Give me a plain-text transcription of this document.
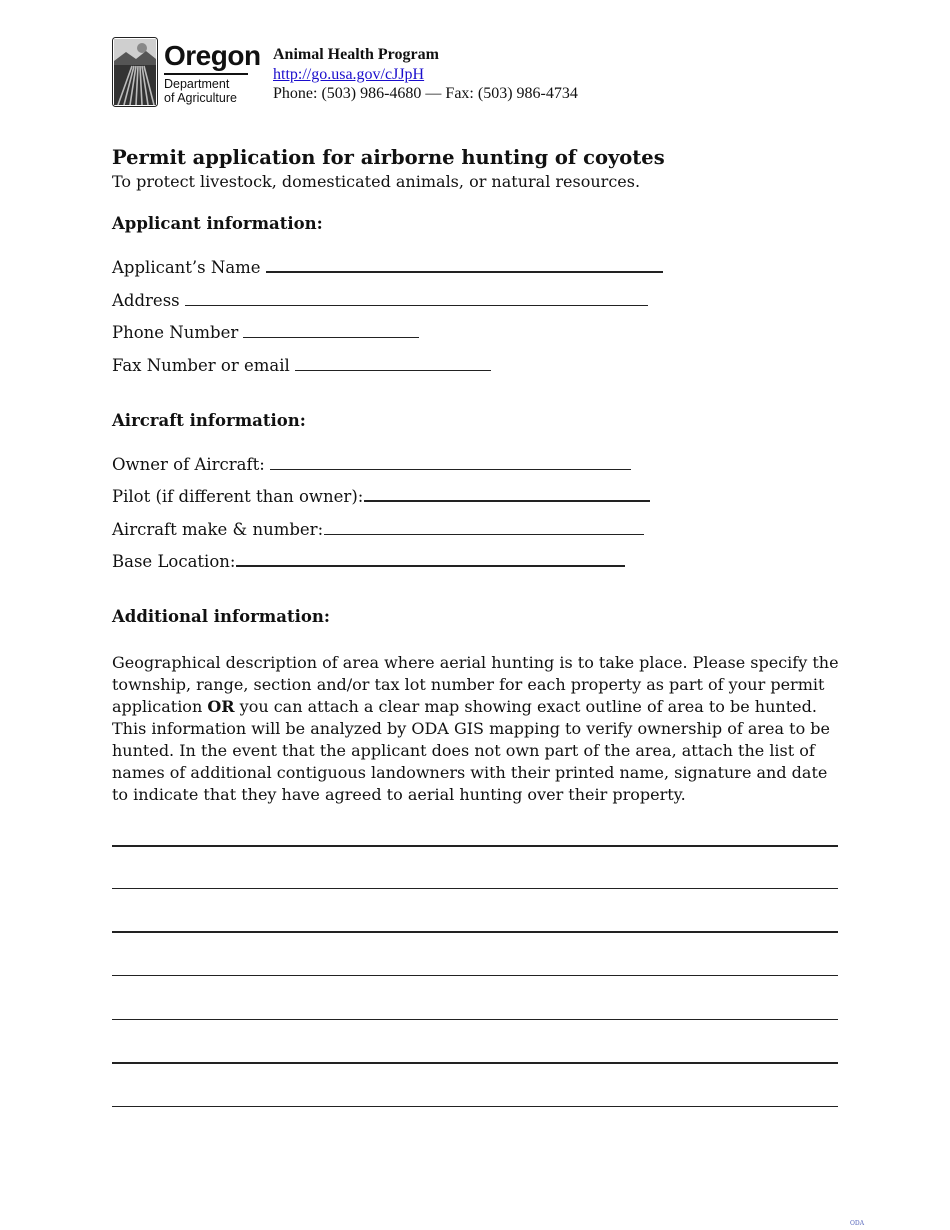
Oregon
Department
of Agriculture
Animal Health Program
http://go.usa.gov/cJJpH
Phone: (503) 986-4680 — Fax: (503) 986-4734
Permit application for airborne hunting of coyotes
To protect livestock, domesticated animals, or natural resources.
Applicant information:
Applicant’s Name
Address
Phone Number
Fax Number or email
Aircraft information:
Owner of Aircraft:
Pilot (if different than owner):
Aircraft make & number:
Base Location:
Additional information:
Geographical description of area where aerial hunting is to take place. Please specify the township, range, section and/or tax lot number for each property as part of your permit application OR you can attach a clear map showing exact outline of area to be hunted. This information will be analyzed by ODA GIS mapping to verify ownership of area to be hunted. In the event that the applicant does not own part of the area, attach the list of names of additional contiguous landowners with their printed name, signature and date to indicate that they have agreed to aerial hunting over their property.
ODA
